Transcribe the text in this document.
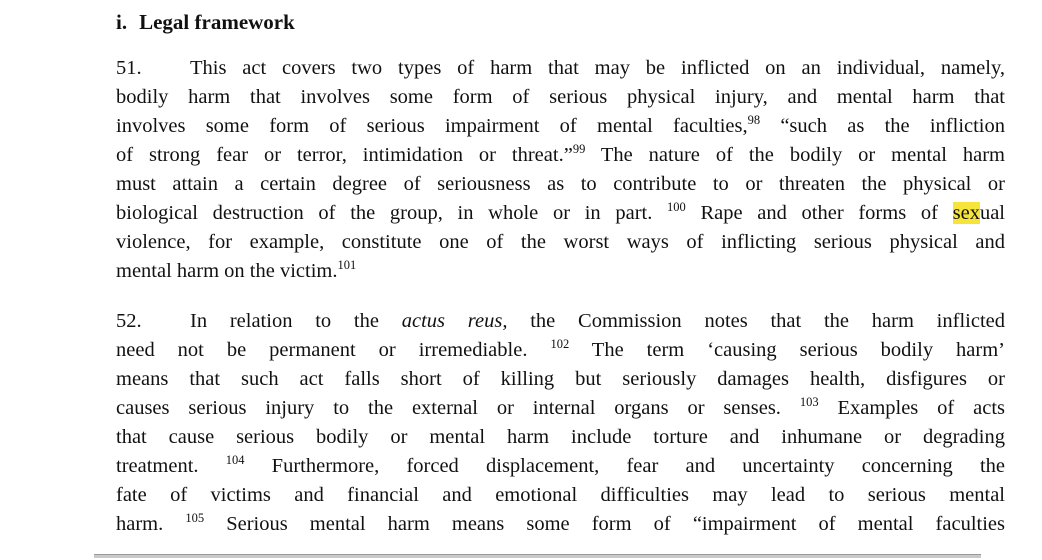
i. Legal framework
51. This act covers two types of harm that may be inflicted on an individual, namely,
bodily harm that involves some form of serious physical injury, and mental harm that
involves some form of serious impairment of mental faculties,$^{98}$ “such as the infliction
of strong fear or terror, intimidation or threat.”$^{99}$ The nature of the bodily or mental harm
must attain a certain degree of seriousness as to contribute to or threaten the physical or
biological destruction of the group, in whole or in part. $^{100}$ Rape and other forms of sexual
violence, for example, constitute one of the worst ways of inflicting serious physical and
mental harm on the victim.$^{101}$
52. In relation to the actus reus, the Commission notes that the harm inflicted
need not be permanent or irremediable. $^{102}$ The term ‘causing serious bodily harm’
means that such act falls short of killing but seriously damages health, disfigures or
causes serious injury to the external or internal organs or senses. $^{103}$ Examples of acts
that cause serious bodily or mental harm include torture and inhumane or degrading
treatment. $^{104}$ Furthermore, forced displacement, fear and uncertainty concerning the
fate of victims and financial and emotional difficulties may lead to serious mental
harm. $^{105}$ Serious mental harm means some form of “impairment of mental faculties
